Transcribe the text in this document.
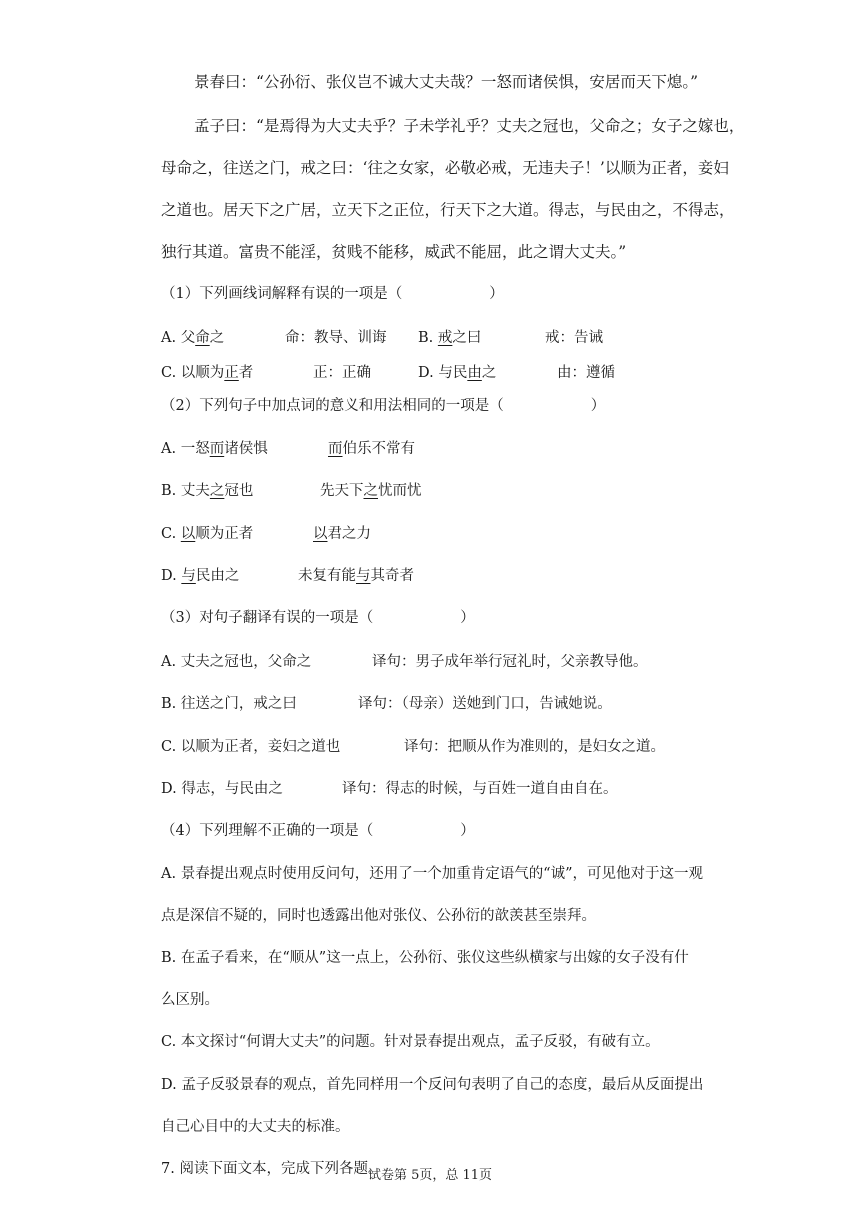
景春曰：“公孙衍、张仪岂不诚大丈夫哉？一怒而诸侯惧，安居而天下熄。”
孟子曰：“是焉得为大丈夫乎？子未学礼乎？丈夫之冠也，父命之；女子之嫁也，
母命之，往送之门，戒之曰：‘往之女家，必敬必戒，无违夫子！’以顺为正者，妾妇
之道也。居天下之广居，立天下之正位，行天下之大道。得志，与民由之，不得志，
独行其道。富贵不能淫，贫贱不能移，威武不能屈，此之谓大丈夫。”
（1）下列画线词解释有误的一项是（　　　　　　）
A. 父命之	命：教导、训诲 B. 戒之曰	戒：告诫
C. 以顺为正者	正：正确	D. 与民由之	由：遵循
（2）下列句子中加点词的意义和用法相同的一项是（　　　　　　）
A. 一怒而诸侯惧	而伯乐不常有
B. 丈夫之冠也	先天下之忧而忧
C. 以顺为正者	以君之力
D. 与民由之	未复有能与其奇者
（3）对句子翻译有误的一项是（　　　　　　）
A. 丈夫之冠也，父命之	译句：男子成年举行冠礼时，父亲教导他。
B. 往送之门，戒之曰	译句：（母亲）送她到门口，告诫她说。
C. 以顺为正者，妾妇之道也	译句：把顺从作为准则的，是妇女之道。
D. 得志，与民由之	译句：得志的时候，与百姓一道自由自在。
（4）下列理解不正确的一项是（　　　　　　）
A. 景春提出观点时使用反问句，还用了一个加重肯定语气的“诚”，可见他对于这一观
点是深信不疑的，同时也透露出他对张仪、公孙衍的歆羡甚至崇拜。
B. 在孟子看来，在“顺从”这一点上，公孙衍、张仪这些纵横家与出嫁的女子没有什
么区别。
C. 本文探讨“何谓大丈夫”的问题。针对景春提出观点，孟子反驳，有破有立。
D. 孟子反驳景春的观点，首先同样用一个反问句表明了自己的态度，最后从反面提出
自己心目中的大丈夫的标准。
7. 阅读下面文本，完成下列各题。
试卷第 5页，总 11页
